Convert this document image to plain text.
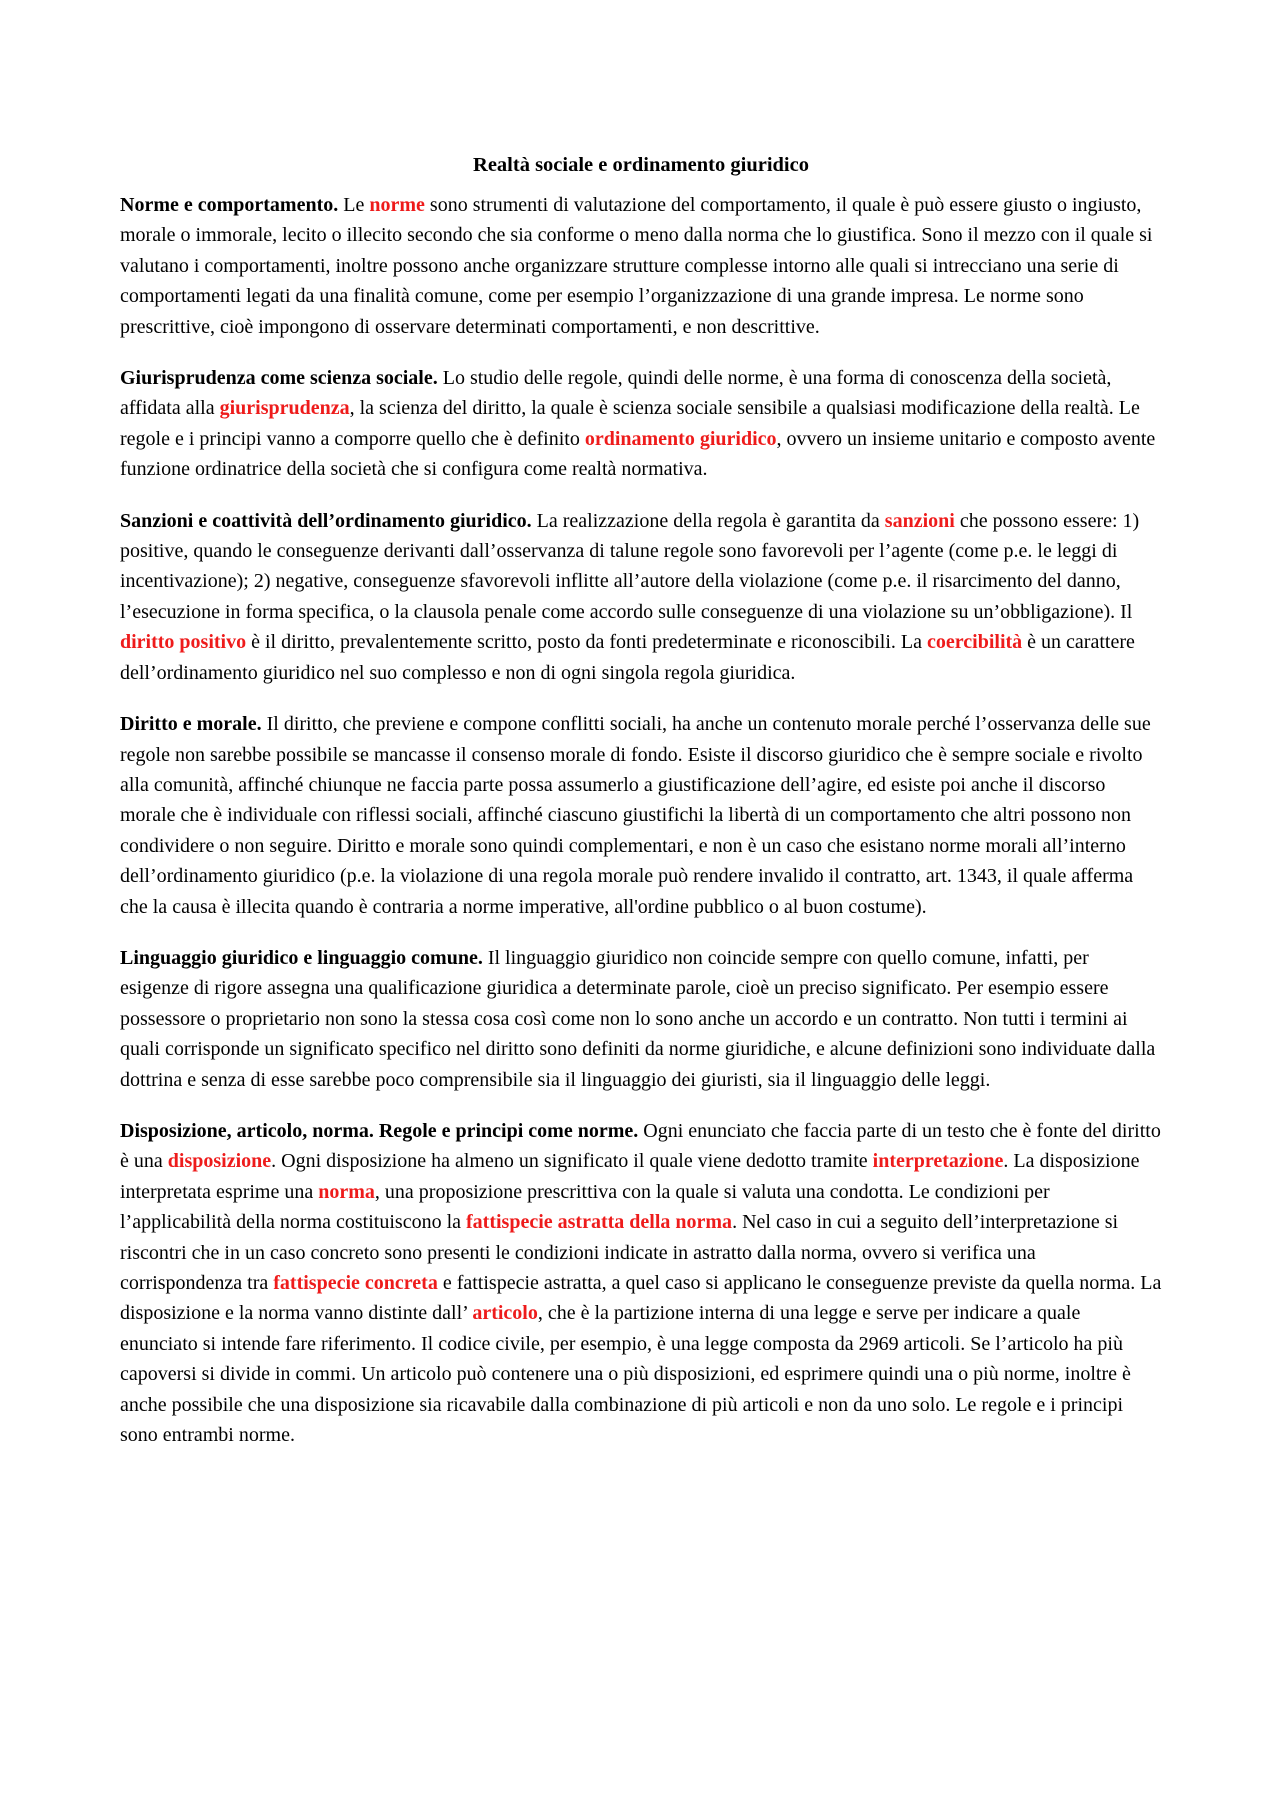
Realtà sociale e ordinamento giuridico

Norme e comportamento. Le norme sono strumenti di valutazione del comportamento, il quale è può essere giusto o ingiusto, morale o immorale, lecito o illecito secondo che sia conforme o meno dalla norma che lo giustifica. Sono il mezzo con il quale si valutano i comportamenti, inoltre possono anche organizzare strutture complesse intorno alle quali si intrecciano una serie di comportamenti legati da una finalità comune, come per esempio l’organizzazione di una grande impresa. Le norme sono prescrittive, cioè impongono di osservare determinati comportamenti, e non descrittive.

Giurisprudenza come scienza sociale. Lo studio delle regole, quindi delle norme, è una forma di conoscenza della società, affidata alla giurisprudenza, la scienza del diritto, la quale è scienza sociale sensibile a qualsiasi modificazione della realtà. Le regole e i principi vanno a comporre quello che è definito ordinamento giuridico, ovvero un insieme unitario e composto avente funzione ordinatrice della società che si configura come realtà normativa.

Sanzioni e coattività dell’ordinamento giuridico. La realizzazione della regola è garantita da sanzioni che possono essere: 1) positive, quando le conseguenze derivanti dall’osservanza di talune regole sono favorevoli per l’agente (come p.e. le leggi di incentivazione); 2) negative, conseguenze sfavorevoli inflitte all’autore della violazione (come p.e. il risarcimento del danno, l’esecuzione in forma specifica, o la clausola penale come accordo sulle conseguenze di una violazione su un’obbligazione). Il diritto positivo è il diritto, prevalentemente scritto, posto da fonti predeterminate e riconoscibili. La coercibilità è un carattere dell’ordinamento giuridico nel suo complesso e non di ogni singola regola giuridica.

Diritto e morale. Il diritto, che previene e compone conflitti sociali, ha anche un contenuto morale perché l’osservanza delle sue regole non sarebbe possibile se mancasse il consenso morale di fondo. Esiste il discorso giuridico che è sempre sociale e rivolto alla comunità, affinché chiunque ne faccia parte possa assumerlo a giustificazione dell’agire, ed esiste poi anche il discorso morale che è individuale con riflessi sociali, affinché ciascuno giustifichi la libertà di un comportamento che altri possono non condividere o non seguire. Diritto e morale sono quindi complementari, e non è un caso che esistano norme morali all’interno dell’ordinamento giuridico (p.e. la violazione di una regola morale può rendere invalido il contratto, art. 1343, il quale afferma che la causa è illecita quando è contraria a norme imperative, all'ordine pubblico o al buon costume).

Linguaggio giuridico e linguaggio comune. Il linguaggio giuridico non coincide sempre con quello comune, infatti, per esigenze di rigore assegna una qualificazione giuridica a determinate parole, cioè un preciso significato. Per esempio essere possessore o proprietario non sono la stessa cosa così come non lo sono anche un accordo e un contratto. Non tutti i termini ai quali corrisponde un significato specifico nel diritto sono definiti da norme giuridiche, e alcune definizioni sono individuate dalla dottrina e senza di esse sarebbe poco comprensibile sia il linguaggio dei giuristi, sia il linguaggio delle leggi.

Disposizione, articolo, norma. Regole e principi come norme. Ogni enunciato che faccia parte di un testo che è fonte del diritto è una disposizione. Ogni disposizione ha almeno un significato il quale viene dedotto tramite interpretazione. La disposizione interpretata esprime una norma, una proposizione prescrittiva con la quale si valuta una condotta. Le condizioni per l’applicabilità della norma costituiscono la fattispecie astratta della norma. Nel caso in cui a seguito dell’interpretazione si riscontri che in un caso concreto sono presenti le condizioni indicate in astratto dalla norma, ovvero si verifica una corrispondenza tra fattispecie concreta e fattispecie astratta, a quel caso si applicano le conseguenze previste da quella norma. La disposizione e la norma vanno distinte dall’ articolo, che è la partizione interna di una legge e serve per indicare a quale enunciato si intende fare riferimento. Il codice civile, per esempio, è una legge composta da 2969 articoli. Se l’articolo ha più capoversi si divide in commi. Un articolo può contenere una o più disposizioni, ed esprimere quindi una o più norme, inoltre è anche possibile che una disposizione sia ricavabile dalla combinazione di più articoli e non da uno solo. Le regole e i principi sono entrambi norme.
